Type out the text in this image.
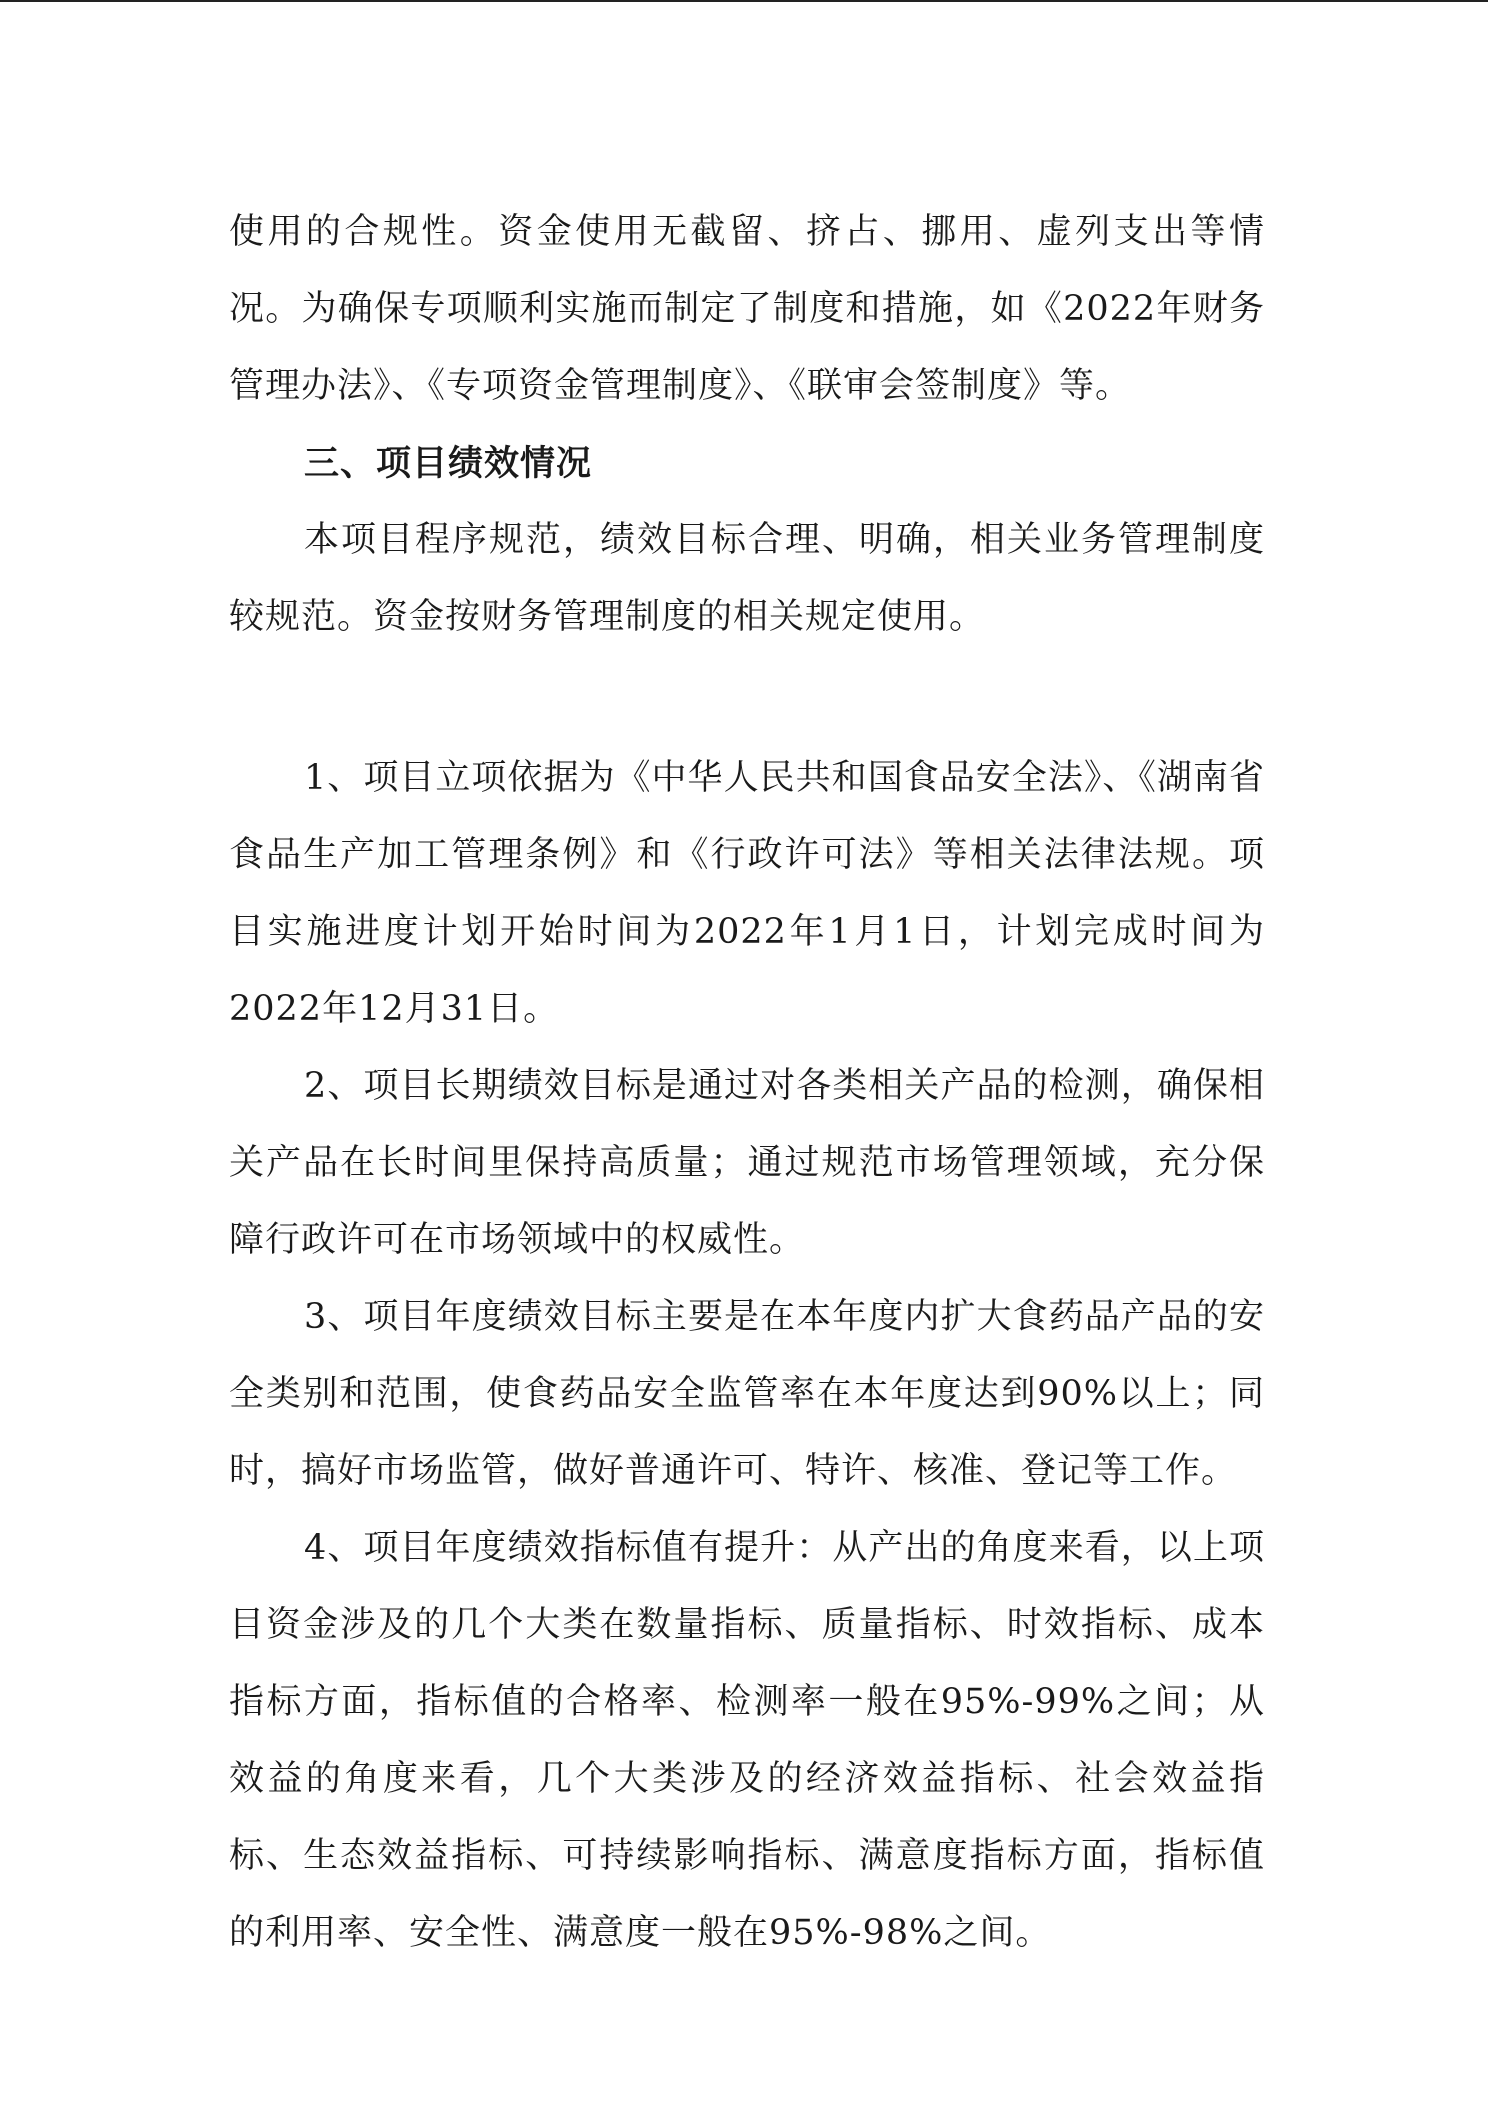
使用的合规性。资金使用无截留、挤占、挪用、虚列支出等情况。为确保专项顺利实施而制定了制度和措施，如《2022年财务管理办法》、《专项资金管理制度》、《联审会签制度》等。

三、项目绩效情况

本项目程序规范，绩效目标合理、明确，相关业务管理制度较规范。资金按财务管理制度的相关规定使用。

1、项目立项依据为《中华人民共和国食品安全法》、《湖南省食品生产加工管理条例》和《行政许可法》等相关法律法规。项目实施进度计划开始时间为2022年1月1日，计划完成时间为2022年12月31日。

2、项目长期绩效目标是通过对各类相关产品的检测，确保相关产品在长时间里保持高质量；通过规范市场管理领域，充分保障行政许可在市场领域中的权威性。

3、项目年度绩效目标主要是在本年度内扩大食药品产品的安全类别和范围，使食药品安全监管率在本年度达到90%以上；同时，搞好市场监管，做好普通许可、特许、核准、登记等工作。

4、项目年度绩效指标值有提升：从产出的角度来看，以上项目资金涉及的几个大类在数量指标、质量指标、时效指标、成本指标方面，指标值的合格率、检测率一般在95%-99%之间；从效益的角度来看，几个大类涉及的经济效益指标、社会效益指标、生态效益指标、可持续影响指标、满意度指标方面，指标值的利用率、安全性、满意度一般在95%-98%之间。
